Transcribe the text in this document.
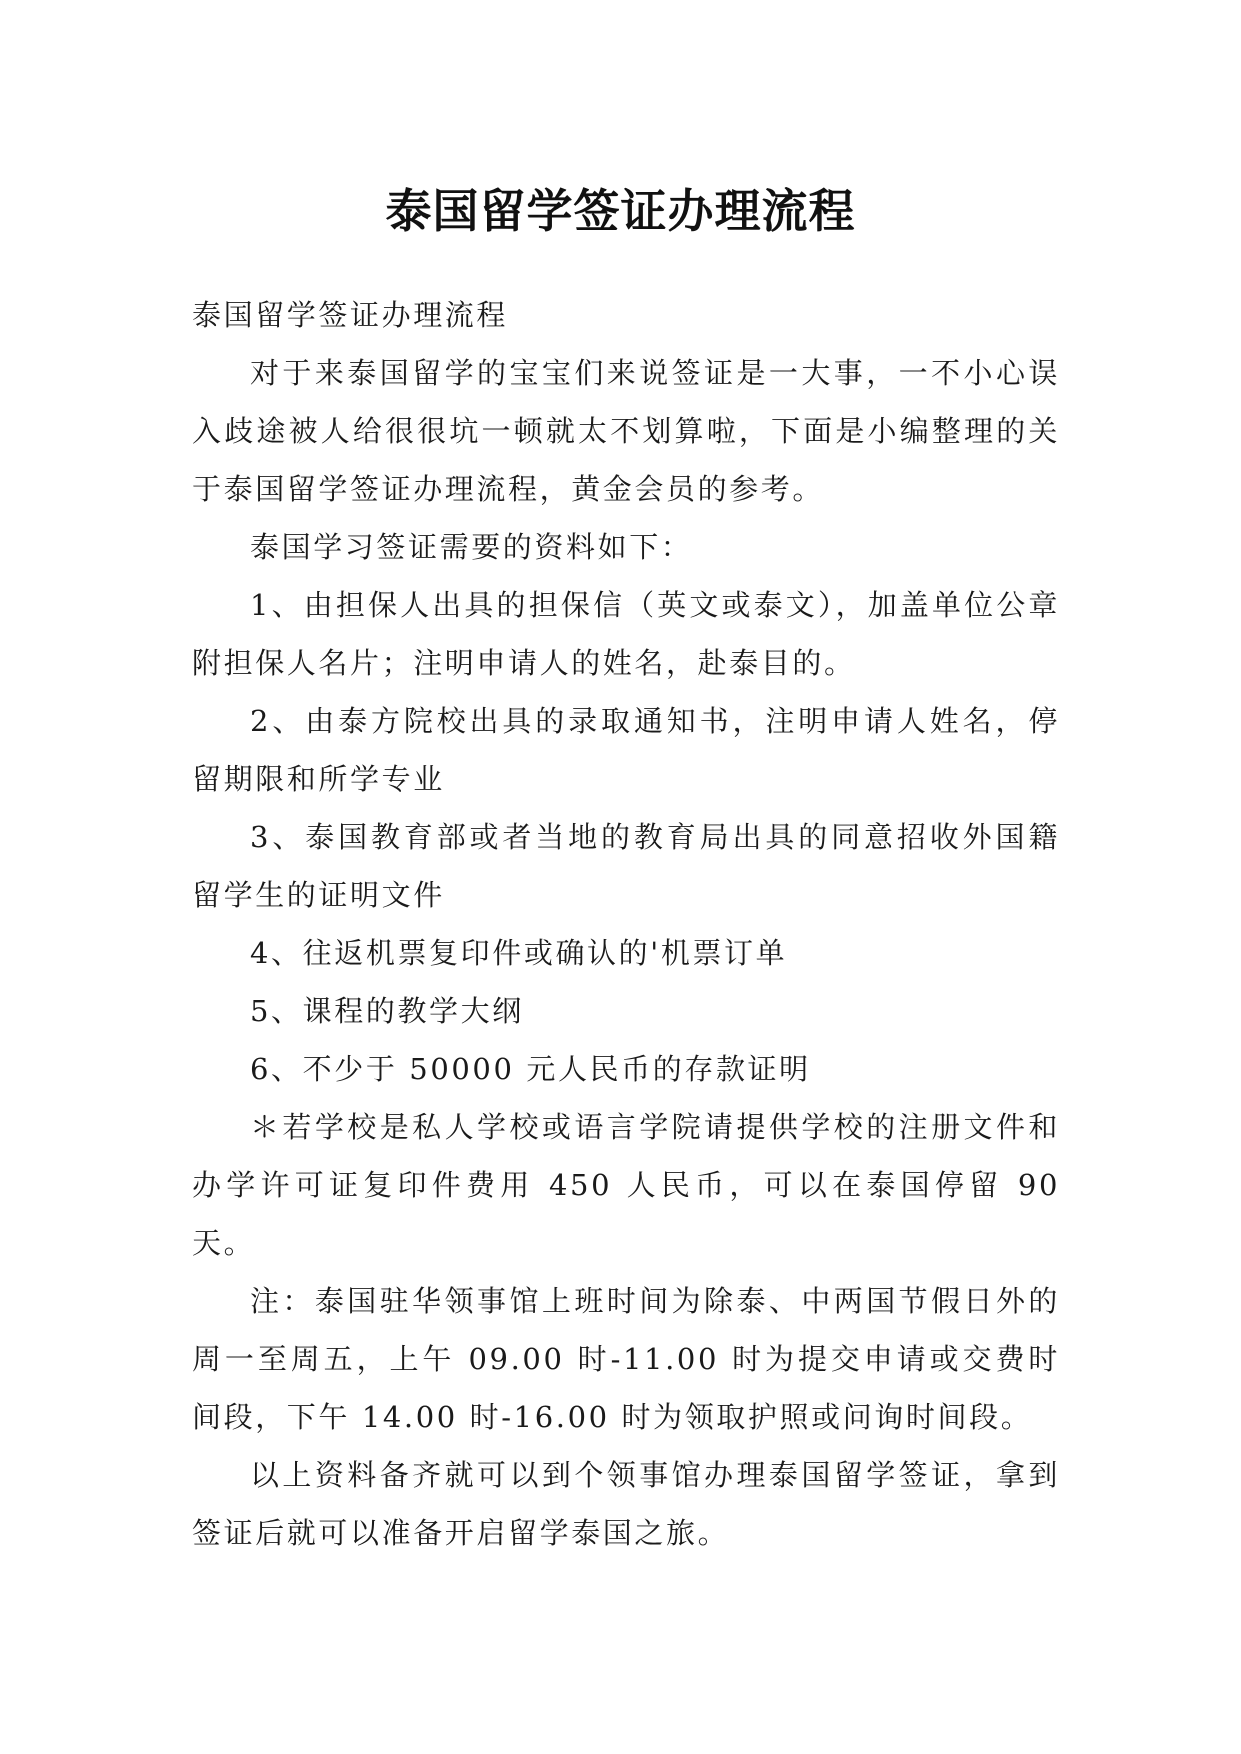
泰国留学签证办理流程

泰国留学签证办理流程

对于来泰国留学的宝宝们来说签证是一大事，一不小心误入歧途被人给很很坑一顿就太不划算啦，下面是小编整理的关于泰国留学签证办理流程，黄金会员的参考。

泰国学习签证需要的资料如下：

1、由担保人出具的担保信（英文或泰文），加盖单位公章附担保人名片；注明申请人的姓名，赴泰目的。

2、由泰方院校出具的录取通知书，注明申请人姓名，停留期限和所学专业

3、泰国教育部或者当地的教育局出具的同意招收外国籍留学生的证明文件

4、往返机票复印件或确认的'机票订单

5、课程的教学大纲

6、不少于 50000 元人民币的存款证明

＊若学校是私人学校或语言学院请提供学校的注册文件和办学许可证复印件费用 450 人民币，可以在泰国停留 90 天。

注：泰国驻华领事馆上班时间为除泰、中两国节假日外的周一至周五，上午 09.00 时-11.00 时为提交申请或交费时间段，下午 14.00 时-16.00 时为领取护照或问询时间段。

以上资料备齐就可以到个领事馆办理泰国留学签证，拿到签证后就可以准备开启留学泰国之旅。
